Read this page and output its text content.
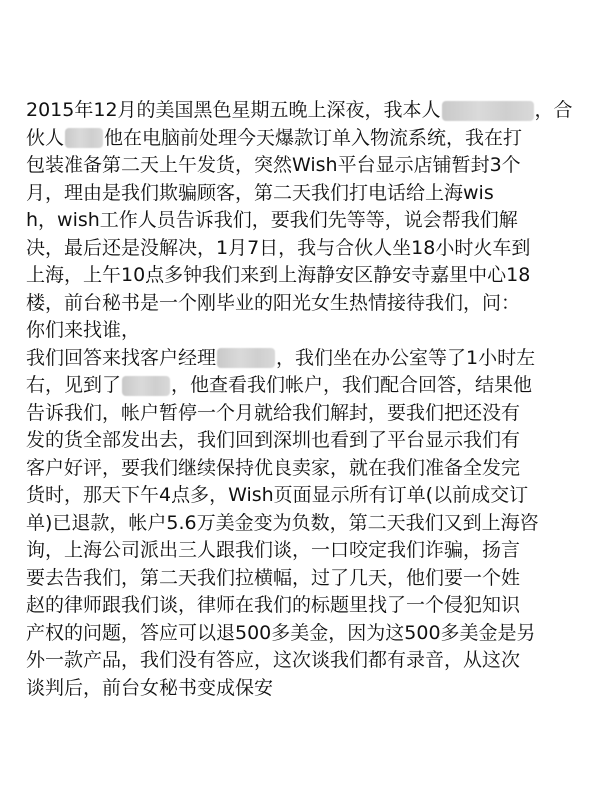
2015年12月的美国黑色星期五晚上深夜，我本人	，合
伙人 他在电脑前处理今天爆款订单入物流系统，我在打
包装准备第二天上午发货，突然Wish平台显示店铺暂封3个
月，理由是我们欺骗顾客，第二天我们打电话给上海wis
h，wish工作人员告诉我们，要我们先等等，说会帮我们解
决，最后还是没解决，1月7日，我与合伙人坐18小时火车到
上海，上午10点多钟我们来到上海静安区静安寺嘉里中心18
楼，前台秘书是一个刚毕业的阳光女生热情接待我们，问：
你们来找谁，
我们回答来找客户经理	，我们坐在办公室等了1小时左
右，见到了	，他查看我们帐户，我们配合回答，结果他
告诉我们，帐户暂停一个月就给我们解封，要我们把还没有
发的货全部发出去，我们回到深圳也看到了平台显示我们有
客户好评，要我们继续保持优良卖家，就在我们准备全发完
货时，那天下午4点多，Wish页面显示所有订单(以前成交订
单)已退款，帐户5.6万美金变为负数，第二天我们又到上海咨
询，上海公司派出三人跟我们谈，一口咬定我们诈骗，扬言
要去告我们，第二天我们拉横幅，过了几天，他们要一个姓
赵的律师跟我们谈，律师在我们的标题里找了一个侵犯知识
产权的问题，答应可以退500多美金，因为这500多美金是另
外一款产品，我们没有答应，这次谈我们都有录音，从这次
谈判后，前台女秘书变成保安
